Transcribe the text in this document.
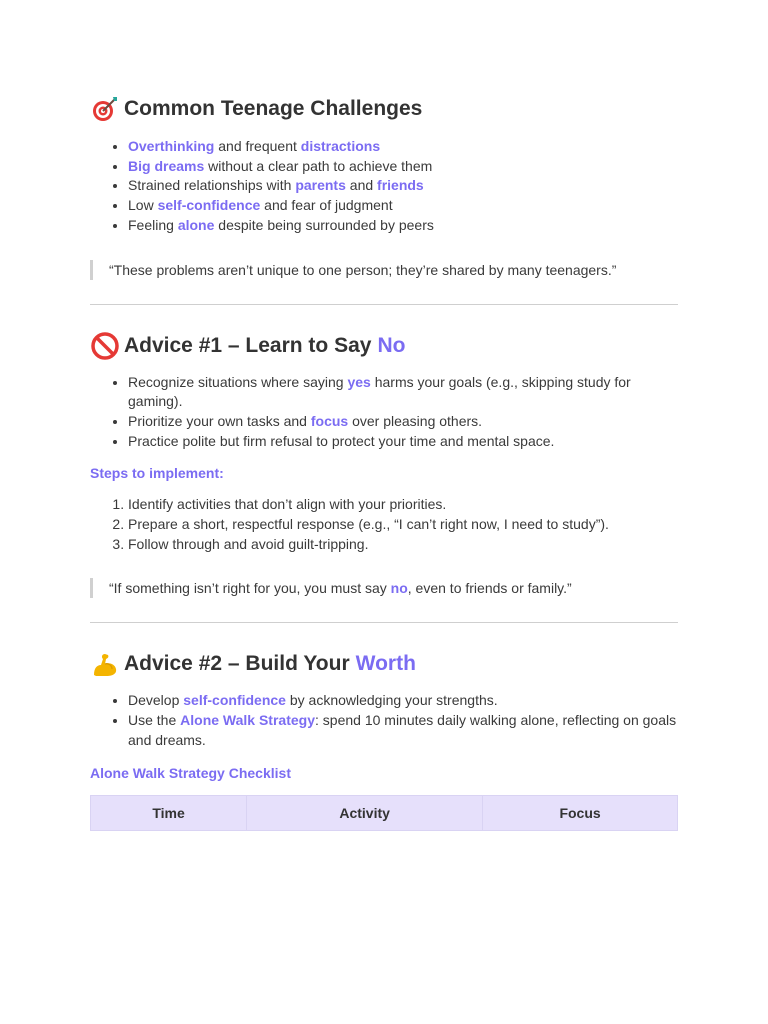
Common Teenage Challenges
• Overthinking and frequent distractions
• Big dreams without a clear path to achieve them
• Strained relationships with parents and friends
• Low self-confidence and fear of judgment
• Feeling alone despite being surrounded by peers
“These problems aren’t unique to one person; they’re shared by many teenagers.”
Advice #1 – Learn to Say No
• Recognize situations where saying yes harms your goals (e.g., skipping study for gaming).
• Prioritize your own tasks and focus over pleasing others.
• Practice polite but firm refusal to protect your time and mental space.
Steps to implement:
1. Identify activities that don’t align with your priorities.
2. Prepare a short, respectful response (e.g., “I can’t right now, I need to study”).
3. Follow through and avoid guilt-tripping.
“If something isn’t right for you, you must say no, even to friends or family.”
Advice #2 – Build Your Worth
• Develop self-confidence by acknowledging your strengths.
• Use the Alone Walk Strategy: spend 10 minutes daily walking alone, reflecting on goals and dreams.
Alone Walk Strategy Checklist
Time	Activity	Focus
